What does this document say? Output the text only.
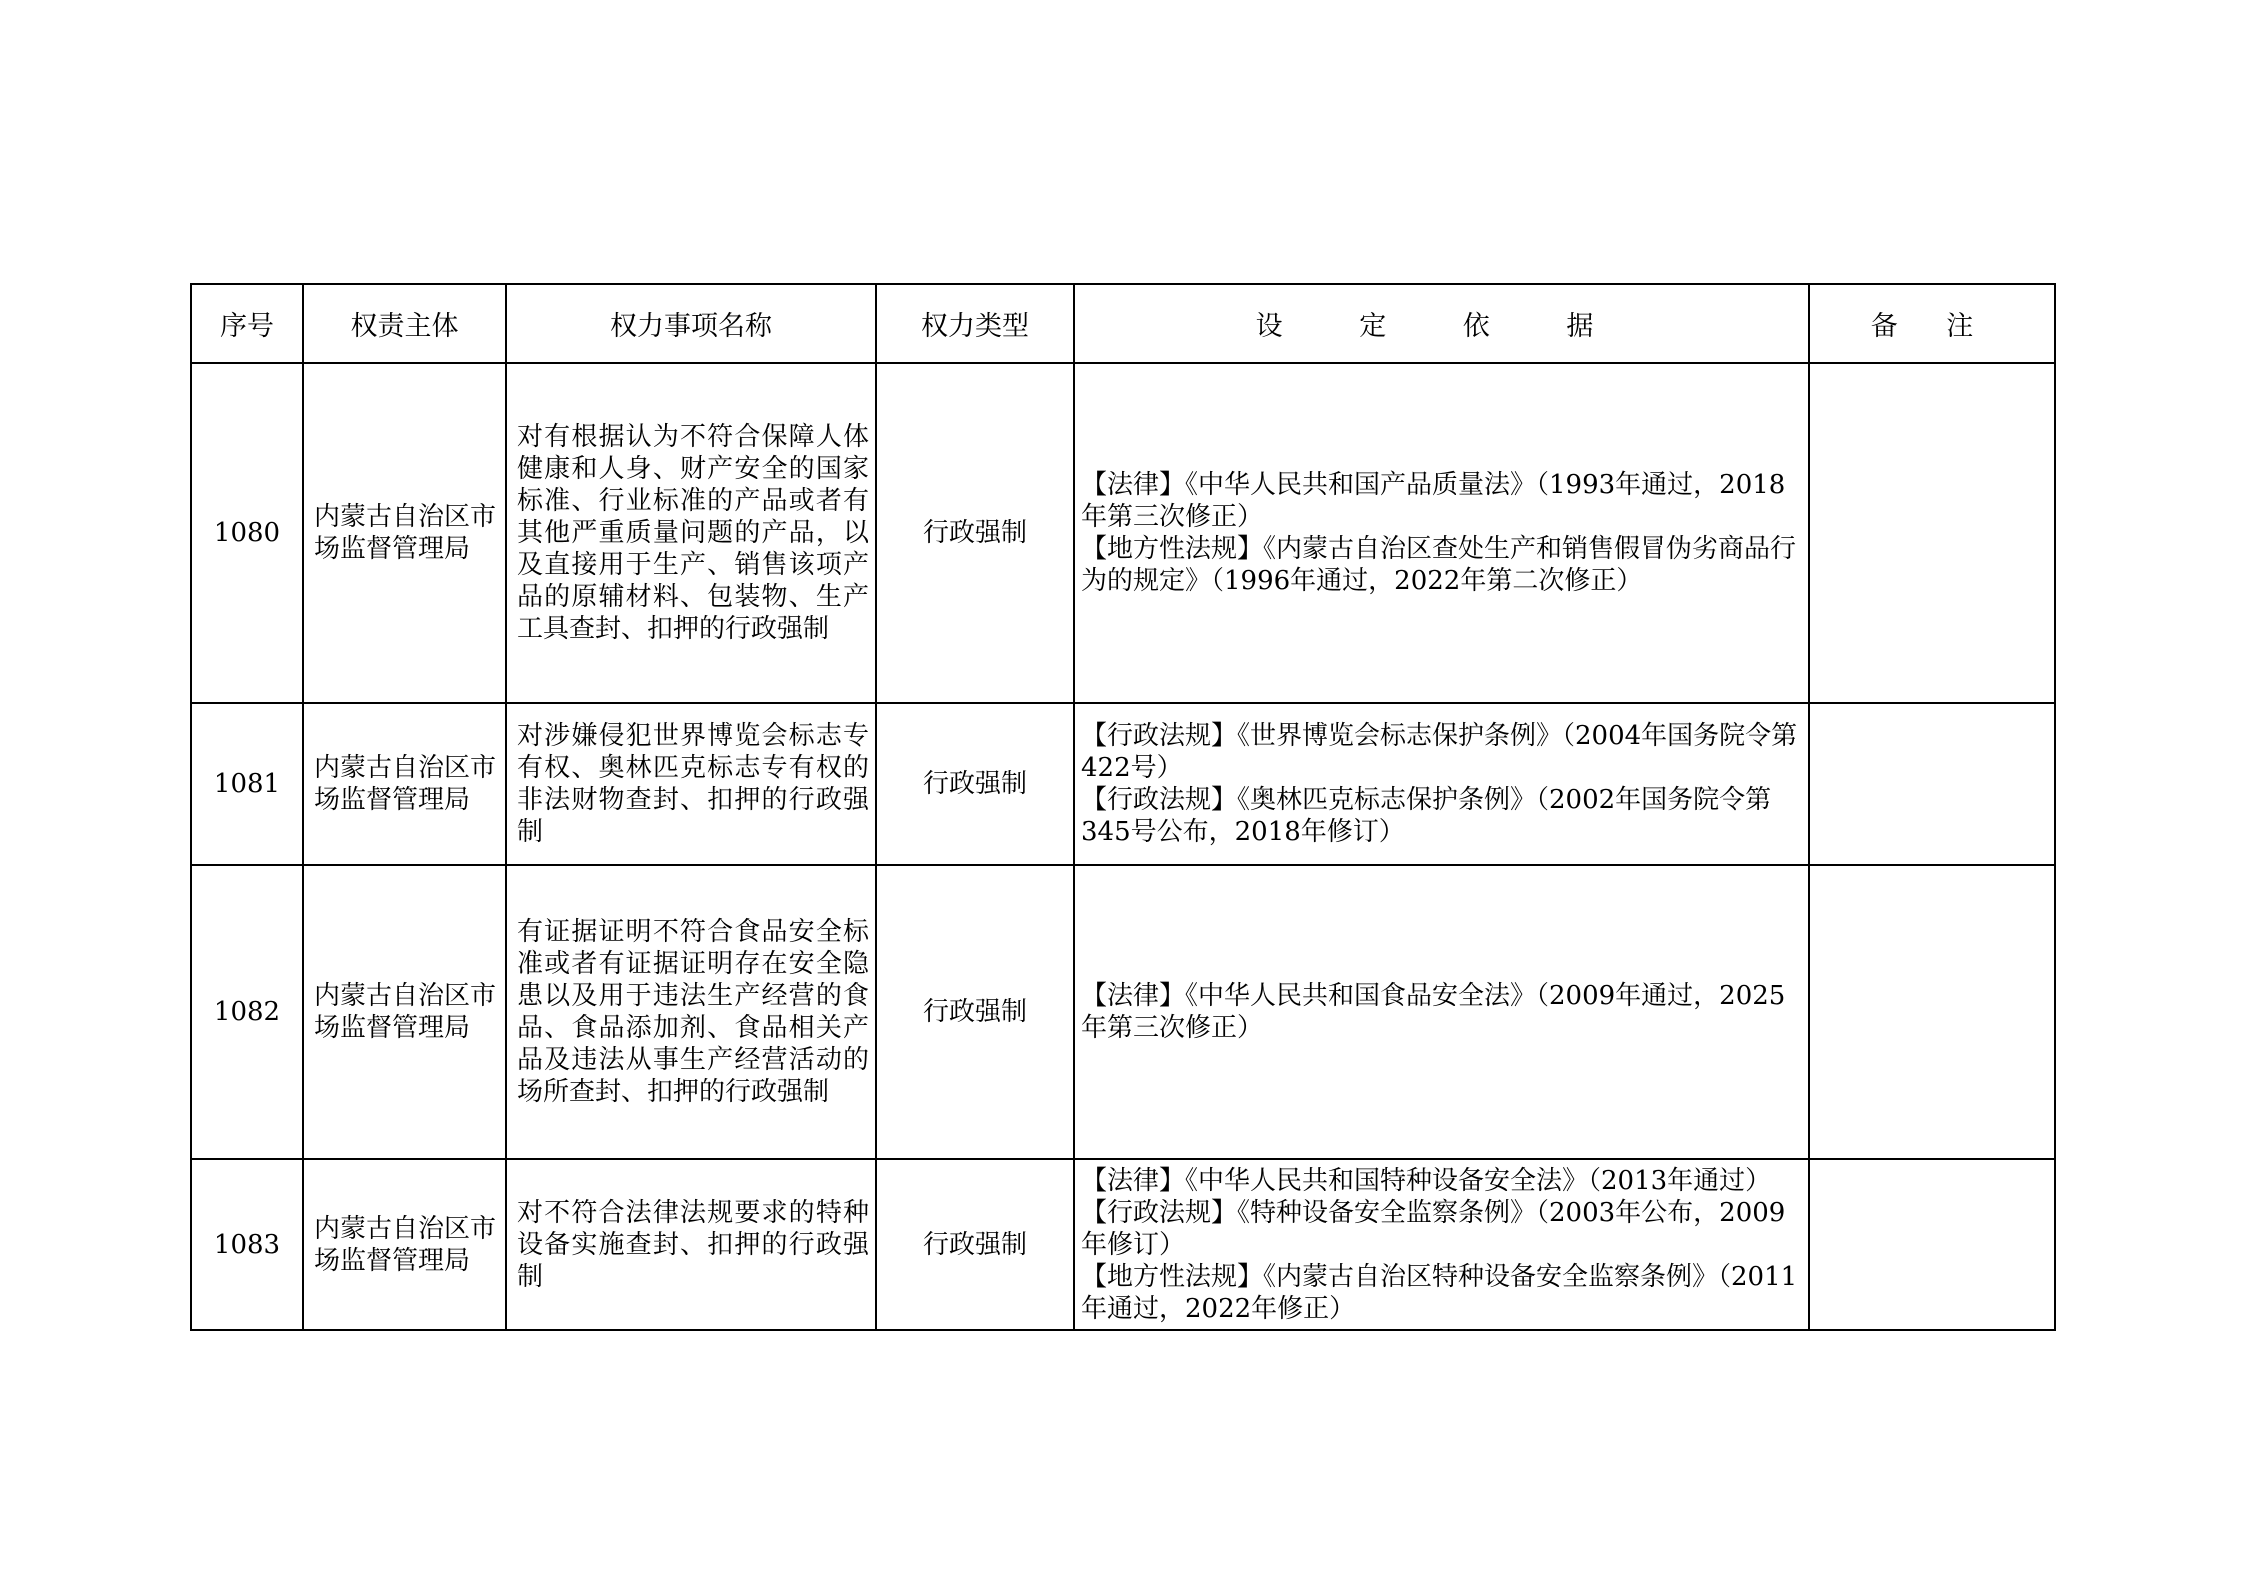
序号	权责主体	权力事项名称	权力类型	设 定 依 据	备 注
1080	内蒙古自治区市场监督管理局	对有根据认为不符合保障人体健康和人身、财产安全的国家标准、行业标准的产品或者有其他严重质量问题的产品，以及直接用于生产、销售该项产品的原辅材料、包装物、生产工具查封、扣押的行政强制	行政强制	【法律】《中华人民共和国产品质量法》（1993年通过，2018年第三次修正）
【地方性法规】《内蒙古自治区查处生产和销售假冒伪劣商品行为的规定》（1996年通过，2022年第二次修正）	

1081	内蒙古自治区市场监督管理局	对涉嫌侵犯世界博览会标志专有权、奥林匹克标志专有权的非法财物查封、扣押的行政强制	行政强制	【行政法规】《世界博览会标志保护条例》（2004年国务院令第422号）
【行政法规】《奥林匹克标志保护条例》（2002年国务院令第345号公布，2018年修订）	

1082	内蒙古自治区市场监督管理局	有证据证明不符合食品安全标准或者有证据证明存在安全隐患以及用于违法生产经营的食品、食品添加剂、食品相关产品及违法从事生产经营活动的场所查封、扣押的行政强制	行政强制	【法律】《中华人民共和国食品安全法》（2009年通过，2025年第三次修正）	

1083	内蒙古自治区市场监督管理局	对不符合法律法规要求的特种设备实施查封、扣押的行政强制	行政强制	【法律】《中华人民共和国特种设备安全法》（2013年通过）
【行政法规】《特种设备安全监察条例》（2003年公布，2009年修订）
【地方性法规】《内蒙古自治区特种设备安全监察条例》（2011年通过，2022年修正）	
